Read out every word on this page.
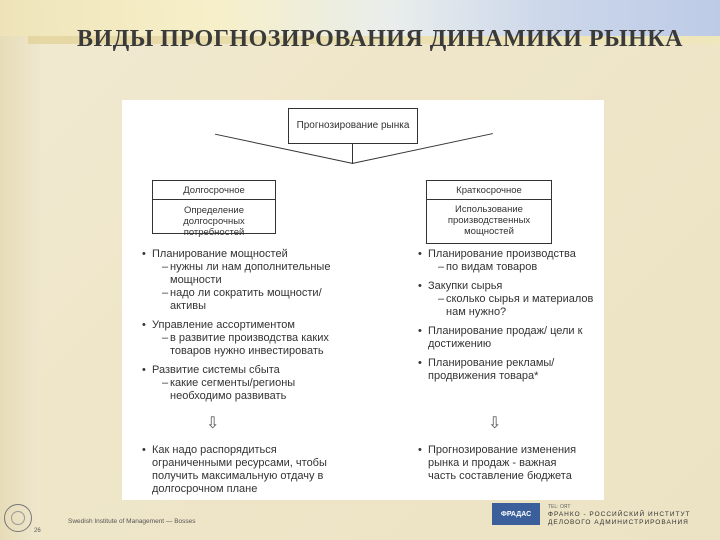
ВИДЫ ПРОГНОЗИРОВАНИЯ ДИНАМИКИ РЫНКА
Прогнозирование рынка
Долгосрочное
Определение долгосрочных потребностей
Краткосрочное
Использование производственных мощностей
• Планирование мощностей
– нужны ли нам дополнительные мощности
– надо ли сократить мощности/активы
• Управление ассортиментом
– в развитие производства каких товаров нужно инвестировать
• Развитие системы сбыта
– какие сегменты/регионы необходимо развивать
• Планирование производства
– по видам товаров
• Закупки сырья
– сколько сырья и материалов нам нужно?
• Планирование продаж/ цели к достижению
• Планирование рекламы/ продвижения товара*
⇩	⇩
• Как надо распорядиться ограниченными ресурсами, чтобы получить максимальную отдачу в долгосрочном плане
• Прогнозирование изменения рынка и продаж - важная часть составление бюджета
26
Swedish Institute of Management — Bosses
ФРАДАС
TEL: ОЯТ
ФРАНКО - РОССИЙСКИЙ ИНСТИТУТ
ДЕЛОВОГО АДМИНИСТРИРОВАНИЯ
